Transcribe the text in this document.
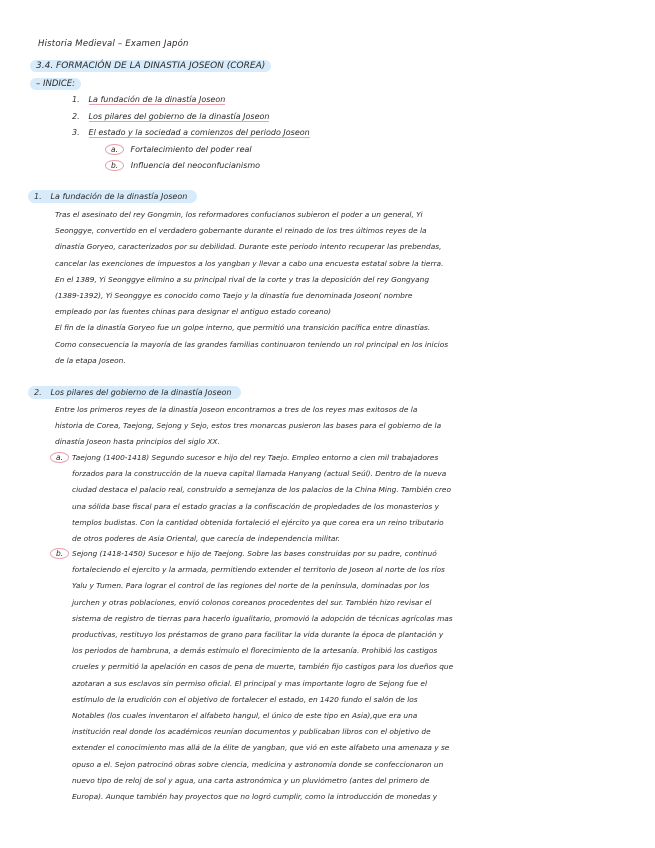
Historia Medieval – Examen Japón
3.4. FORMACIÓN DE LA DINASTIA JOSEON (COREA)
– INDICE:
1. La fundación de la dinastía Joseon
2. Los pilares del gobierno de la dinastía Joseon
3. El estado y la sociedad a comienzos del periodo Joseon
a. Fortalecimiento del poder real
b. Influencia del neoconfucianismo
1. La fundación de la dinastía Joseon
Tras el asesinato del rey Gongmin, los reformadores confucianos subieron el poder a un general, Yi
Seonggye, convertido en el verdadero gobernante durante el reinado de los tres últimos reyes de la
dinastía Goryeo, caracterizados por su debilidad. Durante este periodo intento recuperar las prebendas,
cancelar las exenciones de impuestos a los yangban y llevar a cabo una encuesta estatal sobre la tierra.
En el 1389, Yi Seonggye elimino a su principal rival de la corte y tras la deposición del rey Gongyang
(1389-1392), Yi Seonggye es conocido como Taejo y la dinastía fue denominada Joseon( nombre
empleado por las fuentes chinas para designar el antiguo estado coreano)
El fin de la dinastía Goryeo fue un golpe interno, que permitió una transición pacífica entre dinastías.
Como consecuencia la mayoría de las grandes familias continuaron teniendo un rol principal en los inicios
de la etapa Joseon.
2. Los pilares del gobierno de la dinastía Joseon
Entre los primeros reyes de la dinastía Joseon encontramos a tres de los reyes mas exitosos de la
historia de Corea, Taejong, Sejong y Sejo, estos tres monarcas pusieron las bases para el gobierno de la
dinastía Joseon hasta principios del siglo XX.
a.	Taejong (1400-1418) Segundo sucesor e hijo del rey Taejo. Empleo entorno a cien mil trabajadores
forzados para la construcción de la nueva capital llamada Hanyang (actual Seúl). Dentro de la nueva
ciudad destaca el palacio real, construido a semejanza de los palacios de la China Ming. También creo
una sólida base fiscal para el estado gracias a la confiscación de propiedades de los monasterios y
templos budistas. Con la cantidad obtenida fortaleció el ejército ya que corea era un reino tributario
de otros poderes de Asia Oriental, que carecía de independencia militar.
b.	Sejong (1418-1450) Sucesor e hijo de Taejong. Sobre las bases construidas por su padre, continuó
fortaleciendo el ejercito y la armada, permitiendo extender el territorio de Joseon al norte de los ríos
Yalu y Tumen. Para lograr el control de las regiones del norte de la península, dominadas por los
jurchen y otras poblaciones, envió colonos coreanos procedentes del sur. También hizo revisar el
sistema de registro de tierras para hacerlo igualitario, promovió la adopción de técnicas agrícolas mas
productivas, restituyo los préstamos de grano para facilitar la vida durante la época de plantación y
los periodos de hambruna, a demás estimulo el florecimiento de la artesanía. Prohibió los castigos
crueles y permitió la apelación en casos de pena de muerte, también fijo castigos para los dueños que
azotaran a sus esclavos sin permiso oficial. El principal y mas importante logro de Sejong fue el
estímulo de la erudición con el objetivo de fortalecer el estado, en 1420 fundo el salón de los
Notables (los cuales inventaron el alfabeto hangul, el único de este tipo en Asia),que era una
institución real donde los académicos reunían documentos y publicaban libros con el objetivo de
extender el conocimiento mas allá de la élite de yangban, que vió en este alfabeto una amenaza y se
opuso a el. Sejon patrocinó obras sobre ciencia, medicina y astronomía donde se confeccionaron un
nuevo tipo de reloj de sol y agua, una carta astronómica y un pluviómetro (antes del primero de
Europa). Aunque también hay proyectos que no logró cumplir, como la introducción de monedas y
